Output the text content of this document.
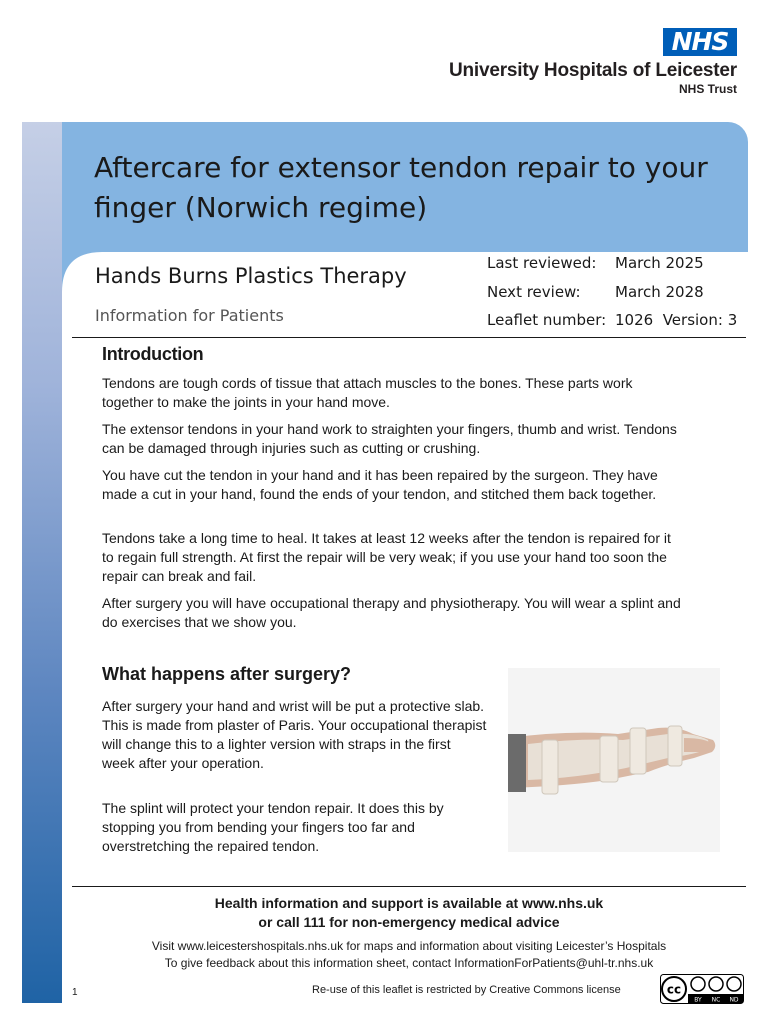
NHS
University Hospitals of Leicester
NHS Trust
Aftercare for extensor tendon repair to your finger (Norwich regime)
Hands Burns Plastics Therapy
Information for Patients
Last reviewed: March 2025
Next review: March 2028
Leaflet number: 1026  Version: 3
Introduction

Tendons are tough cords of tissue that attach muscles to the bones. These parts work together to make the joints in your hand move.

The extensor tendons in your hand work to straighten your fingers, thumb and wrist. Tendons can be damaged through injuries such as cutting or crushing.

You have cut the tendon in your hand and it has been repaired by the surgeon. They have made a cut in your hand, found the ends of your tendon, and stitched them back together.

Tendons take a long time to heal. It takes at least 12 weeks after the tendon is repaired for it to regain full strength. At first the repair will be very weak; if you use your hand too soon the repair can break and fail.

After surgery you will have occupational therapy and physiotherapy. You will wear a splint and do exercises that we show you.

What happens after surgery?

After surgery your hand and wrist will be put a protective slab. This is made from plaster of Paris. Your occupational therapist will change this to a lighter version with straps in the first week after your operation.

The splint will protect your tendon repair. It does this by stopping you from bending your fingers too far and overstretching the repaired tendon.

Health information and support is available at www.nhs.uk
or call 111 for non-emergency medical advice
Visit www.leicestershospitals.nhs.uk for maps and information about visiting Leicester’s Hospitals
To give feedback about this information sheet, contact InformationForPatients@uhl-tr.nhs.uk
1	Re-use of this leaflet is restricted by Creative Commons license	cc
BY NC ND
